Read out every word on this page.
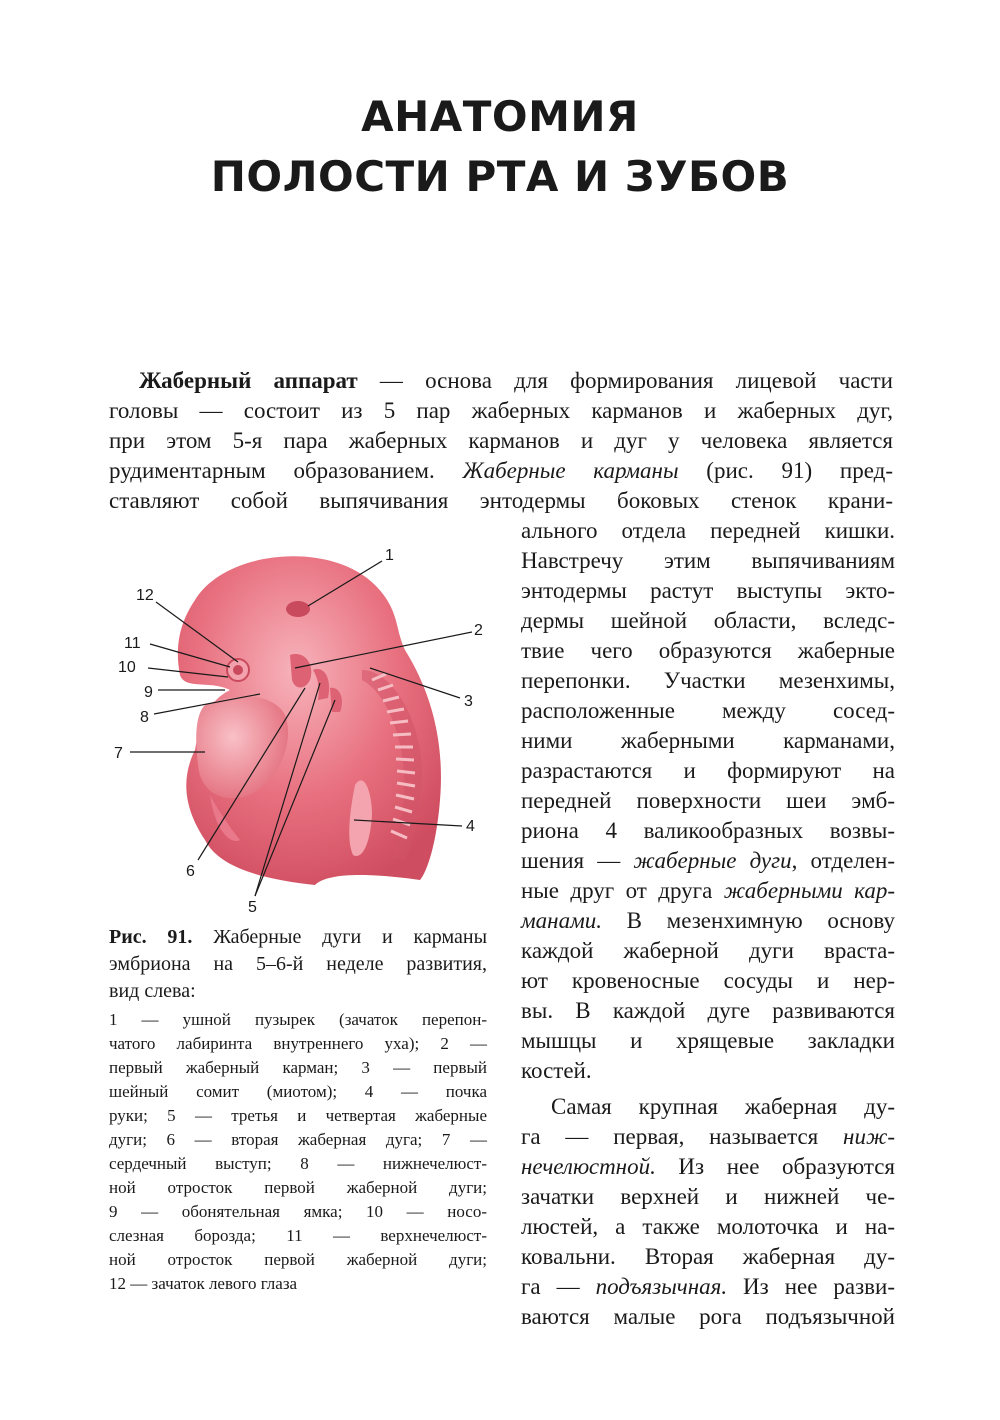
АНАТОМИЯ
ПОЛОСТИ РТА И ЗУБОВ
Жаберный аппарат — основа для формирования лицевой части
головы — состоит из 5 пар жаберных карманов и жаберных дуг,
при этом 5-я пара жаберных карманов и дуг у человека является
рудиментарным образованием. Жаберные карманы (рис. 91) пред-
ставляют собой выпячивания энтодермы боковых стенок крани-
ального отдела передней кишки.
Навстречу этим выпячиваниям
энтодермы растут выступы экто-
дермы шейной области, вследс-
твие чего образуются жаберные
перепонки. Участки мезенхимы,
расположенные между сосед-
ними жаберными карманами,
разрастаются и формируют на
передней поверхности шеи эмб-
риона 4 валикообразных возвы-
шения — жаберные дуги, отделен-
ные друг от друга жаберными кар-
манами. В мезенхимную основу
каждой жаберной дуги враста-
ют кровеносные сосуды и нер-
вы. В каждой дуге развиваются
мышцы и хрящевые закладки
костей.
Самая крупная жаберная ду-
га — первая, называется ниж-
нечелюстной. Из нее образуются
зачатки верхней и нижней че-
люстей, а также молоточка и на-
ковальни. Вторая жаберная ду-
га — подъязычная. Из нее разви-
ваются малые рога подъязычной
1
2
3
4
5
6
7
8
9
10
11
12
Рис. 91. Жаберные дуги и карманы
эмбриона на 5–6-й неделе развития,
вид слева:
1 — ушной пузырек (зачаток перепон-
чатого лабиринта внутреннего уха); 2 —
первый жаберный карман; 3 — первый
шейный сомит (миотом); 4 — почка
руки; 5 — третья и четвертая жаберные
дуги; 6 — вторая жаберная дуга; 7 —
сердечный выступ; 8 — нижнечелюст-
ной отросток первой жаберной дуги;
9 — обонятельная ямка; 10 — носо-
слезная борозда; 11 — верхнечелюст-
ной отросток первой жаберной дуги;
12 — зачаток левого глаза
